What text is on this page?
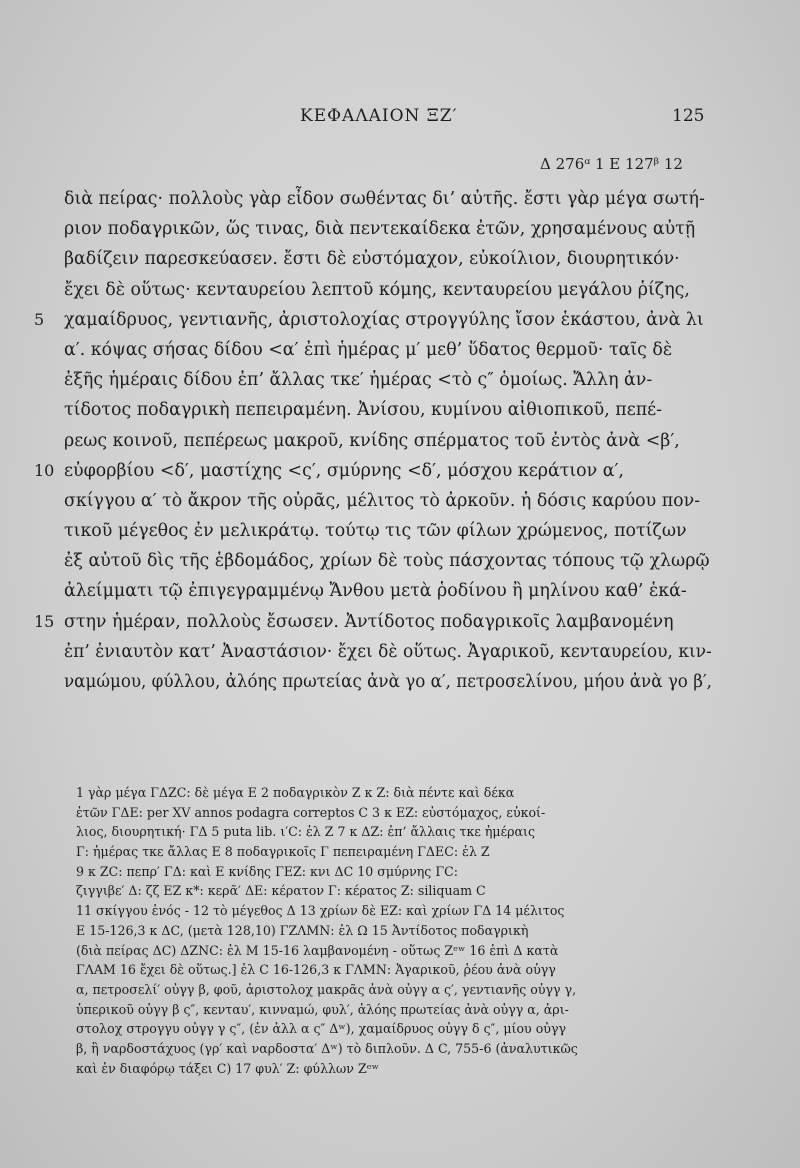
ΚΕΦΑΛΑΙΟΝ ΞΖ′	125
Δ 276ᵅ 1 E 127ᵝ 12
διὰ πείρας· πολλοὺς γὰρ εἶδον σωθέντας δι’ αὐτῆς. ἔστι γὰρ μέγα σωτή-
ριον ποδαγρικῶν, ὥς τινας, διὰ πεντεκαίδεκα ἐτῶν, χρησαμένους αὐτῇ
βαδίζειν παρεσκεύασεν. ἔστι δὲ εὐστόμαχον, εὐκοίλιον, διουρητικόν·
ἔχει δὲ οὕτως· κενταυρείου λεπτοῦ κόμης, κενταυρείου μεγάλου ῥίζης,
5 χαμαίδρυος, γεντιανῆς, ἀριστολοχίας στρογγύλης ἴσον ἑκάστου, ἀνὰ λι
α′. κόψας σήσας δίδου <α′ ἐπὶ ἡμέρας μ′ μεθ’ ὕδατος θερμοῦ· ταῖς δὲ
ἑξῆς ἡμέραις δίδου ἐπ’ ἄλλας τκε′ ἡμέρας <τὸ ς″ ὁμοίως. Ἄλλη ἀν-
τίδοτος ποδαγρικὴ πεπειραμένη. Ἀνίσου, κυμίνου αἰθιοπικοῦ, πεπέ-
ρεως κοινοῦ, πεπέρεως μακροῦ, κνίδης σπέρματος τοῦ ἐντὸς ἀνὰ <β′,
10 εὐφορβίου <δ′, μαστίχης <ς′, σμύρνης <δ′, μόσχου κεράτιον α′,
σκίγγου α′ τὸ ἄκρον τῆς οὐρᾶς, μέλιτος τὸ ἀρκοῦν. ἡ δόσις καρύου πον-
τικοῦ μέγεθος ἐν μελικράτῳ. τούτῳ τις τῶν φίλων χρώμενος, ποτίζων
ἐξ αὐτοῦ δὶς τῆς ἑβδομάδος, χρίων δὲ τοὺς πάσχοντας τόπους τῷ χλωρῷ
ἀλείμματι τῷ ἐπιγεγραμμένῳ Ἄνθου μετὰ ῥοδίνου ἢ μηλίνου καθ’ ἑκά-
15 στην ἡμέραν, πολλοὺς ἔσωσεν. Ἀντίδοτος ποδαγρικοῖς λαμβανομένη
ἐπ’ ἐνιαυτὸν κατ’ Ἀναστάσιον· ἔχει δὲ οὕτως. Ἀγαρικοῦ, κενταυρείου, κιν-
ναμώμου, φύλλου, ἀλόης πρωτείας ἀνὰ γο α′, πετροσελίνου, μήου ἀνὰ γο β′,
1 γὰρ μέγα ΓΔΖC: δὲ μέγα E 2 ποδαγρικὸν Ζ κ Ζ: διὰ πέντε καὶ δέκα
ἐτῶν ΓΔΕ: per XV annos podagra correptos C 3 κ ΕΖ: εὐστόμαχος, εὐκοί-
λιος, διουρητική· ΓΔ 5 puta lib. ι′C: ἐλ Ζ 7 κ ΔΖ: ἐπ’ ἄλλαις τκε ἡμέραις
Γ: ἡμέρας τκε ἄλλας E 8 ποδαγρικοῖς Γ πεπειραμένη ΓΔΕC: ἐλ Ζ
9 κ ΖC: πεπρ′ ΓΔ: καὶ E κνίδης ΓΕΖ: κνι ΔC 10 σμύρνης ΓC:
ζιγγιβε′ Δ: ζζ ΕΖ κ*: κερᾶ′ ΔΕ: κέρατον Γ: κέρατος Ζ: siliquam C
11 σκίγγου ἑνός - 12 τὸ μέγεθος Δ 13 χρίων δὲ ΕΖ: καὶ χρίων ΓΔ 14 μέλιτος
E 15-126,3 κ ΔC, (μετὰ 128,10) ΓΖΛΜΝ: ἐλ Ω 15 Ἀντίδοτος ποδαγρικὴ
(διὰ πείρας ΔC) ΔΖΝC: ἐλ Μ 15-16 λαμβανομένη - οὕτως Ζᵉʷ 16 ἐπὶ Δ κατὰ
ΓΛΑΜ 16 ἔχει δὲ οὕτως.] ἐλ C 16-126,3 κ ΓΛΜΝ: Ἀγαρικοῦ, ῥέου ἀνὰ οὐγγ
α, πετροσελί′ οὐγγ β, φοῦ, ἀριστολοχ μακρᾶς ἀνὰ οὐγγ α ς′, γεντιανῆς οὐγγ γ,
ὑπερικοῦ οὐγγ β ς″, κενταυ′, κινναμώ, φυλ′, ἀλόης πρωτείας ἀνὰ οὐγγ α, ἀρι-
στολοχ στρογγυ οὐγγ γ ς″, (ἐν ἀλλ α ς″ Δʷ), χαμαίδρυος οὐγγ δ ς″, μίου οὐγγ
β, ἢ ναρδοστάχυος (γρ′ καὶ ναρδοστα′ Δʷ) τὸ διπλοῦν. Δ C, 755-6 (ἀναλυτικῶς
καὶ ἐν διαφόρῳ τάξει C) 17 φυλ′ Ζ: φύλλων Ζᵉʷ
